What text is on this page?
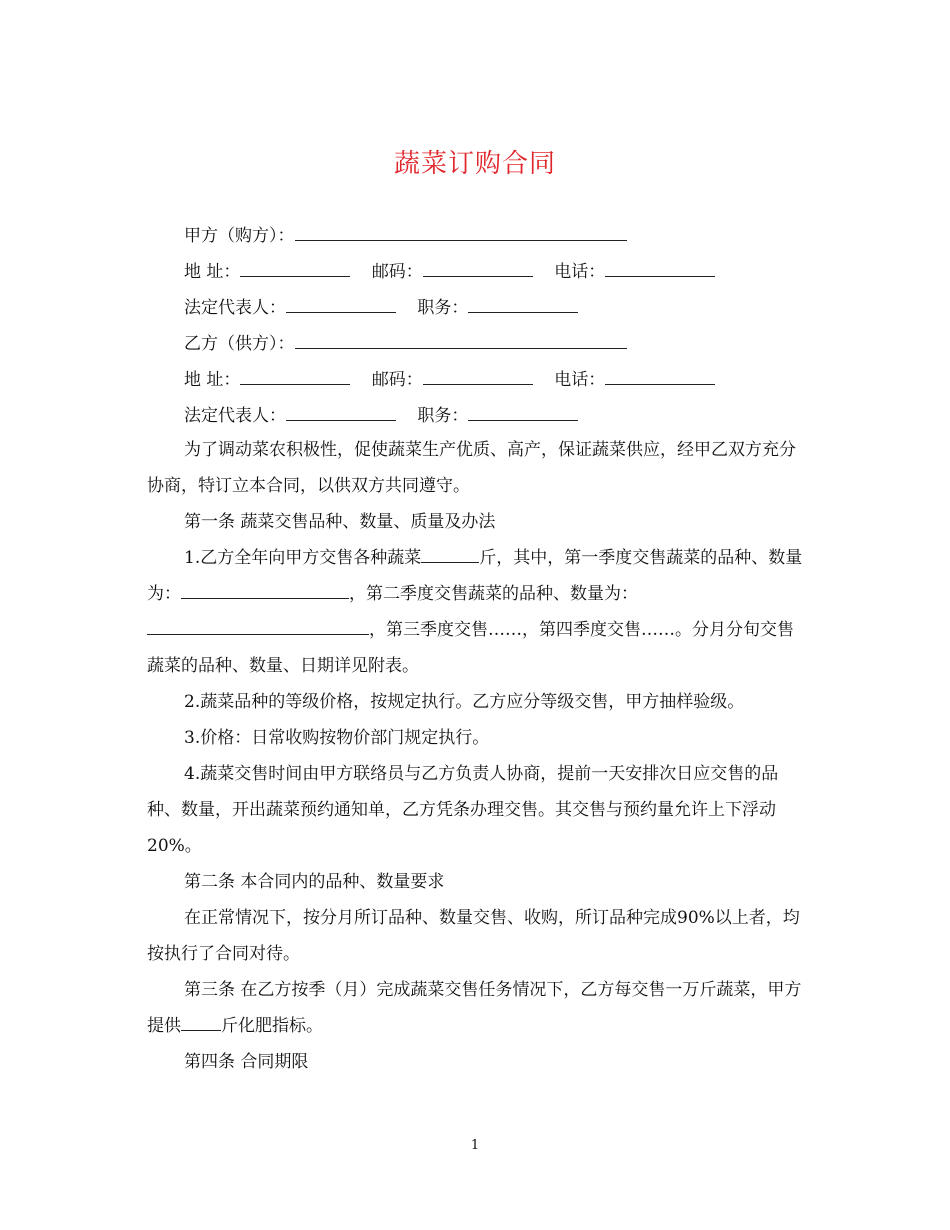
蔬菜订购合同
甲方（购方）：
地 址：	邮码：	电话：
法定代表人：	职务：
乙方（供方）：
地 址：	邮码：	电话：
法定代表人：	职务：
为了调动菜农积极性，促使蔬菜生产优质、高产，保证蔬菜供应，经甲乙双方充分协商，特订立本合同，以供双方共同遵守。
第一条 蔬菜交售品种、数量、质量及办法
1.乙方全年向甲方交售各种蔬菜	斤，其中，第一季度交售蔬菜的品种、数量为：	，第二季度交售蔬菜的品种、数量为：，第三季度交售……，第四季度交售……。分月分旬交售蔬菜的品种、数量、日期详见附表。
2.蔬菜品种的等级价格，按规定执行。乙方应分等级交售，甲方抽样验级。
3.价格：日常收购按物价部门规定执行。
4.蔬菜交售时间由甲方联络员与乙方负责人协商，提前一天安排次日应交售的品种、数量，开出蔬菜预约通知单，乙方凭条办理交售。其交售与预约量允许上下浮动20%。
第二条 本合同内的品种、数量要求
在正常情况下，按分月所订品种、数量交售、收购，所订品种完成90%以上者，均按执行了合同对待。
第三条 在乙方按季（月）完成蔬菜交售任务情况下，乙方每交售一万斤蔬菜，甲方提供 斤化肥指标。
第四条 合同期限
1
